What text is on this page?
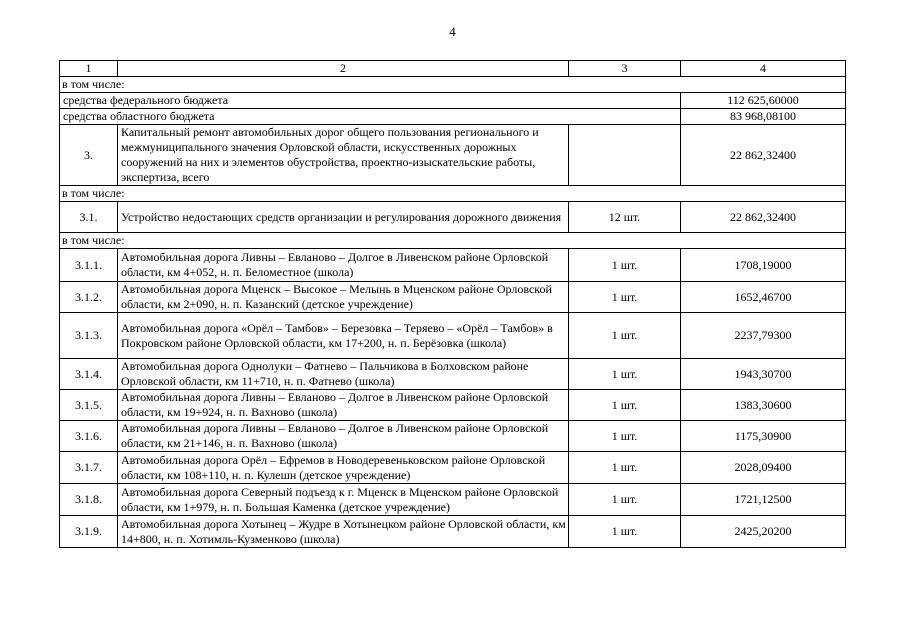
4
1	2	3	4
в том числе:			
средства федерального бюджета			112 625,60000
средства областного бюджета			83 968,08100
3.	Капитальный ремонт автомобильных дорог общего пользования регионального и межмуниципального значения Орловской области, искусственных дорожных сооружений на них и элементов обустройства, проектно-изыскательские работы, экспертиза, всего		22 862,32400
в том числе:			
3.1.	Устройство недостающих средств организации и регулирования дорожного движения	12 шт.	22 862,32400
в том числе:			
3.1.1.	Автомобильная дорога Ливны – Евланово – Долгое в Ливенском районе Орловской области, км 4+052, н. п. Беломестное (школа)	1 шт.	1708,19000
3.1.2.	Автомобильная дорога Мценск – Высокое – Мелынь в Мценском районе Орловской области, км 2+090, н. п. Казанский (детское учреждение)	1 шт.	1652,46700
3.1.3.	Автомобильная дорога «Орёл – Тамбов» – Березовка – Теряево – «Орёл – Тамбов» в Покровском районе Орловской области, км 17+200, н. п. Берёзовка (школа)	1 шт.	2237,79300
3.1.4.	Автомобильная дорога Однолуки – Фатнево – Пальчикова в Болховском районе Орловской области, км 11+710, н. п. Фатнево (школа)	1 шт.	1943,30700
3.1.5.	Автомобильная дорога Ливны – Евланово – Долгое в Ливенском районе Орловской области, км 19+924, н. п. Вахново (школа)	1 шт.	1383,30600
3.1.6.	Автомобильная дорога Ливны – Евланово – Долгое в Ливенском районе Орловской области, км 21+146, н. п. Вахново (школа)	1 шт.	1175,30900
3.1.7.	Автомобильная дорога Орёл – Ефремов в Новодеревеньковском районе Орловской области, км 108+110, н. п. Кулешн (детское учреждение)	1 шт.	2028,09400
3.1.8.	Автомобильная дорога Северный подъезд к г. Мценск в Мценском районе Орловской области, км 1+979, н. п. Большая Каменка (детское учреждение)	1 шт.	1721,12500
3.1.9.	Автомобильная дорога Хотынец – Жудре в Хотынецком районе Орловской области, км 14+800, н. п. Хотимль-Кузменково (школа)	1 шт.	2425,20200
